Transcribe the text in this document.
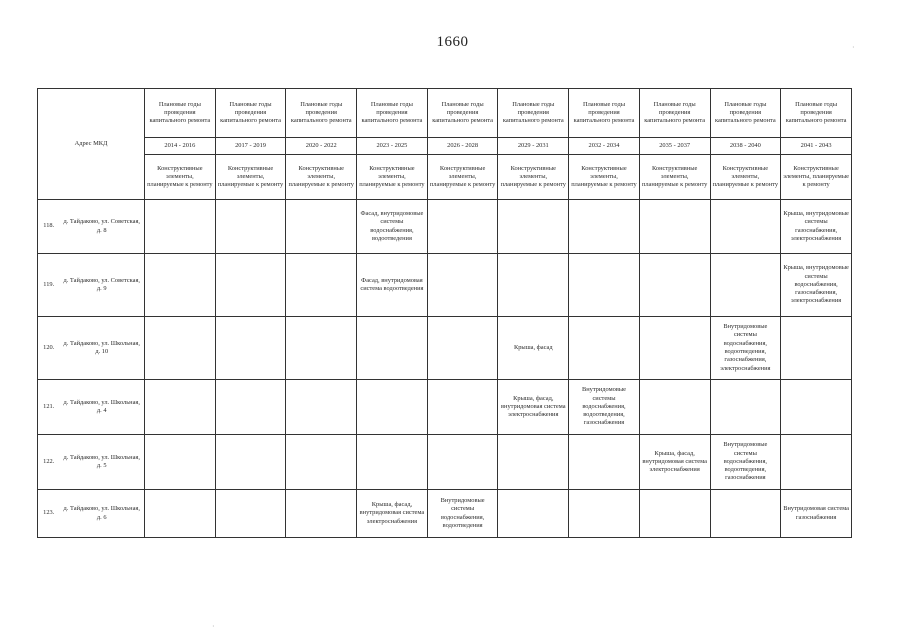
1660
Адрес МКД		Плановые годы проведения капитального ремонта	Плановые годы проведения капитального ремонта	Плановые годы проведения капитального ремонта	Плановые годы проведения капитального ремонта	Плановые годы проведения капитального ремонта	Плановые годы проведения капитального ремонта	Плановые годы проведения капитального ремонта	Плановые годы проведения капитального ремонта	Плановые годы проведения капитального ремонта	Плановые годы проведения капитального ремонта
		2014 - 2016	2017 - 2019	2020 - 2022	2023 - 2025	2026 - 2028	2029 - 2031	2032 - 2034	2035 - 2037	2038 - 2040	2041 - 2043
		Конструктивные элементы, планируемые к ремонту	Конструктивные элементы, планируемые к ремонту	Конструктивные элементы, планируемые к ремонту	Конструктивные элементы, планируемые к ремонту	Конструктивные элементы, планируемые к ремонту	Конструктивные элементы, планируемые к ремонту	Конструктивные элементы, планируемые к ремонту	Конструктивные элементы, планируемые к ремонту	Конструктивные элементы, планируемые к ремонту	Конструктивные элементы, планируемые к ремонту
118.	д. Тайдаково, ул. Советская, д. 8				Фасад, внутридомовые системы водоснабжения, водоотведения						Крыша, внутридомовые системы газоснабжения, электроснабжения
119.	д. Тайдаково, ул. Советская, д. 9				Фасад, внутридомовая система водоотведения						Крыша, внутридомовые системы водоснабжения, газоснабжения, электроснабжения
120.	д. Тайдаково, ул. Школьная, д. 10						Крыша, фасад			Внутридомовые системы водоснабжения, водоотведения, газоснабжения, электроснабжения	
121.	д. Тайдаково, ул. Школьная, д. 4						Крыша, фасад, внутридомовая система электроснабжения	Внутридомовые системы водоснабжения, водоотведения, газоснабжения			
122.	д. Тайдаково, ул. Школьная, д. 5								Крыша, фасад, внутридомовая система электроснабжения	Внутридомовые системы водоснабжения, водоотведения, газоснабжения	
123.	д. Тайдаково, ул. Школьная, д. 6				Крыша, фасад, внутридомовая система электроснабжения	Внутридомовые системы водоснабжения, водоотведения					Внутридомовая система газоснабжения
·
·
